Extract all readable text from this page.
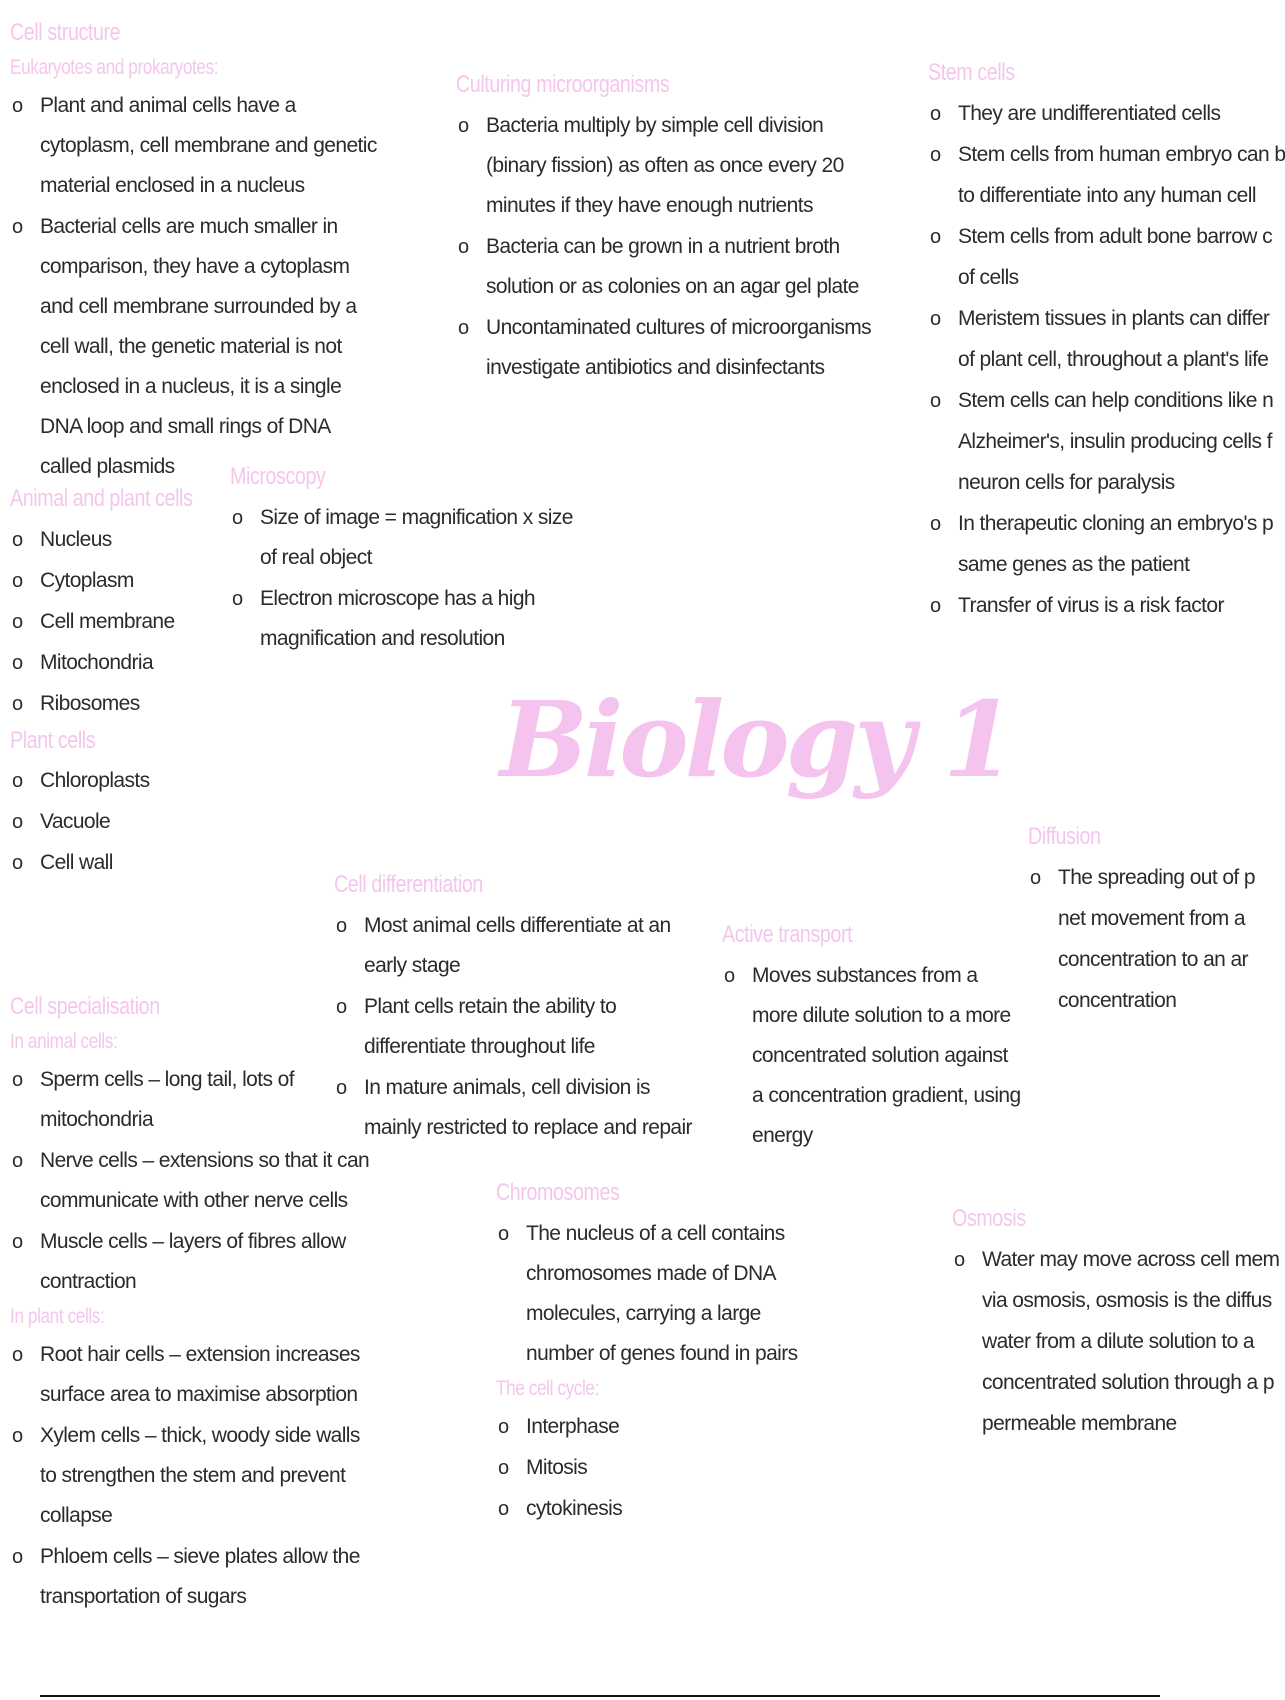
Cell structure
Eukaryotes and prokaryotes:
o Plant and animal cells have a cytoplasm, cell membrane and genetic material enclosed in a nucleus
o Bacterial cells are much smaller in comparison, they have a cytoplasm and cell membrane surrounded by a cell wall, the genetic material is not enclosed in a nucleus, it is a single DNA loop and small rings of DNA called plasmids
Culturing microorganisms
o Bacteria multiply by simple cell division (binary fission) as often as once every 20 minutes if they have enough nutrients
o Bacteria can be grown in a nutrient broth solution or as colonies on an agar gel plate
o Uncontaminated cultures of microorganisms investigate antibiotics and disinfectants
Stem cells
o They are undifferentiated cells
o Stem cells from human embryo can b
to differentiate into any human cell
o Stem cells from adult bone barrow c
of cells
o Meristem tissues in plants can differ
of plant cell, throughout a plant's life
o Stem cells can help conditions like n
Alzheimer's, insulin producing cells f
neuron cells for paralysis
o In therapeutic cloning an embryo's p
same genes as the patient
o Transfer of virus is a risk factor
Animal and plant cells
o Nucleus
o Cytoplasm
o Cell membrane
o Mitochondria
o Ribosomes
Plant cells
o Chloroplasts
o Vacuole
o Cell wall
Microscopy
o Size of image = magnification x size of real object
o Electron microscope has a high magnification and resolution
Biology 1
Diffusion
o The spreading out of p
net movement from a
concentration to an ar
concentration
Cell differentiation
o Most animal cells differentiate at an early stage
o Plant cells retain the ability to differentiate throughout life
o In mature animals, cell division is mainly restricted to replace and repair
Active transport
o Moves substances from a more dilute solution to a more concentrated solution against a concentration gradient, using energy
Cell specialisation
In animal cells:
o Sperm cells – long tail, lots of mitochondria
o Nerve cells – extensions so that it can communicate with other nerve cells
o Muscle cells – layers of fibres allow contraction
In plant cells:
o Root hair cells – extension increases surface area to maximise absorption
o Xylem cells – thick, woody side walls to strengthen the stem and prevent collapse
o Phloem cells – sieve plates allow the transportation of sugars
Chromosomes
o The nucleus of a cell contains chromosomes made of DNA molecules, carrying a large number of genes found in pairs
The cell cycle:
o Interphase
o Mitosis
o cytokinesis
Osmosis
o Water may move across cell mem
via osmosis, osmosis is the diffus
water from a dilute solution to a
concentrated solution through a p
permeable membrane
